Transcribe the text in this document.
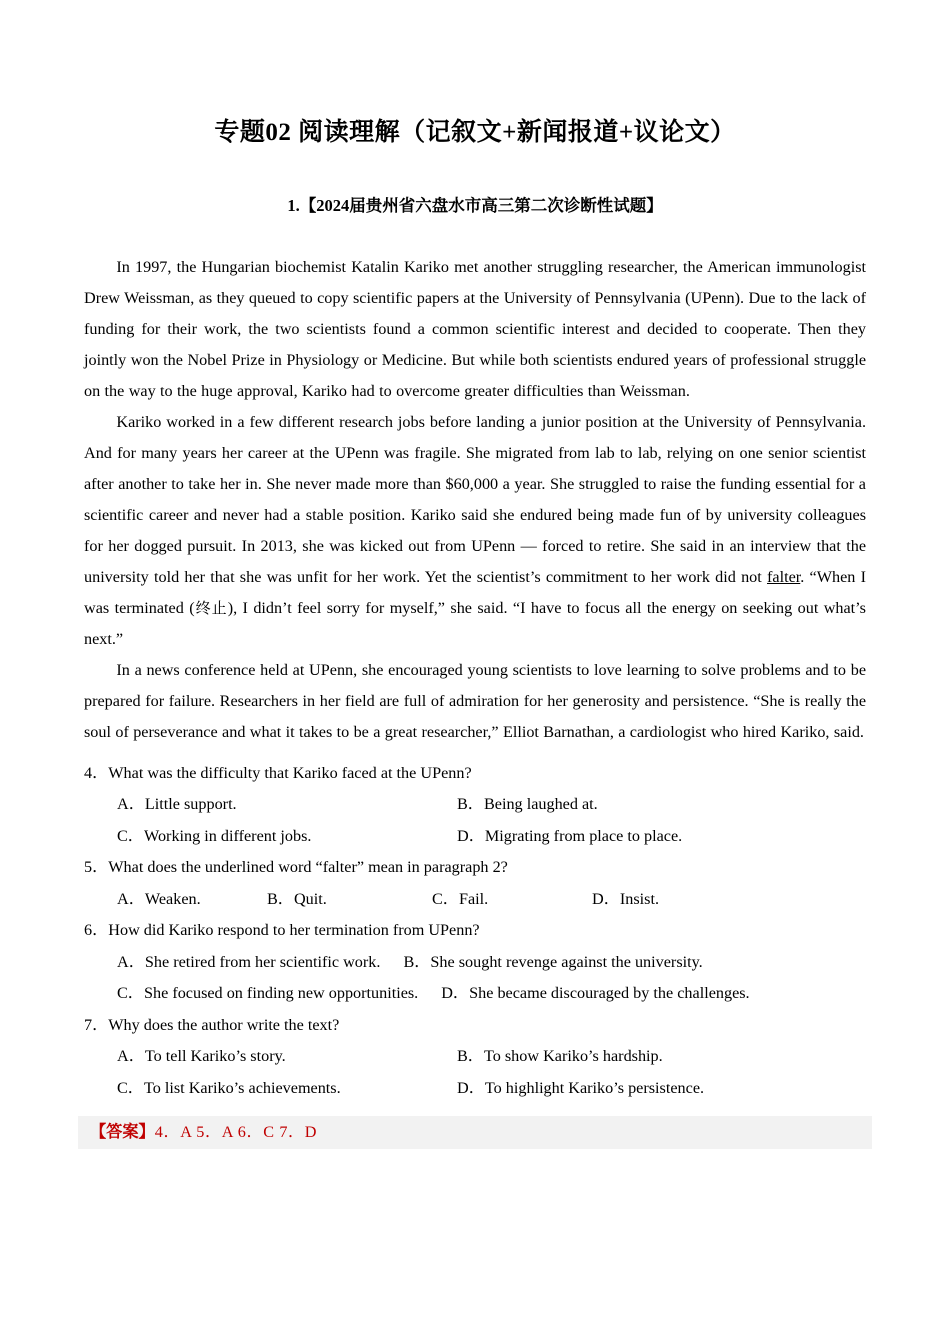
专题02 阅读理解（记叙文+新闻报道+议论文）
1.【2024届贵州省六盘水市高三第二次诊断性试题】

In 1997, the Hungarian biochemist Katalin Kariko met another struggling researcher, the American immunologist Drew Weissman, as they queued to copy scientific papers at the University of Pennsylvania (UPenn). Due to the lack of funding for their work, the two scientists found a common scientific interest and decided to cooperate. Then they jointly won the Nobel Prize in Physiology or Medicine. But while both scientists endured years of professional struggle on the way to the huge approval, Kariko had to overcome greater difficulties than Weissman.

Kariko worked in a few different research jobs before landing a junior position at the University of Pennsylvania. And for many years her career at the UPenn was fragile. She migrated from lab to lab, relying on one senior scientist after another to take her in. She never made more than $60,000 a year. She struggled to raise the funding essential for a scientific career and never had a stable position. Kariko said she endured being made fun of by university colleagues for her dogged pursuit. In 2013, she was kicked out from UPenn — forced to retire. She said in an interview that the university told her that she was unfit for her work. Yet the scientist’s commitment to her work did not falter. “When I was terminated (终止), I didn’t feel sorry for myself,” she said. “I have to focus all the energy on seeking out what’s next.”

In a news conference held at UPenn, she encouraged young scientists to love learning to solve problems and to be prepared for failure. Researchers in her field are full of admiration for her generosity and persistence. “She is really the soul of perseverance and what it takes to be a great researcher,” Elliot Barnathan, a cardiologist who hired Kariko, said.

4．What was the difficulty that Kariko faced at the UPenn?
A．Little support.	B．Being laughed at.
C．Working in different jobs.	D．Migrating from place to place.
5．What does the underlined word “falter” mean in paragraph 2?
A．Weaken.	B．Quit.	C．Fail.	D．Insist.
6．How did Kariko respond to her termination from UPenn?
A．She retired from her scientific work. B．She sought revenge against the university.
C．She focused on finding new opportunities. D．She became discouraged by the challenges.
7．Why does the author write the text?
A．To tell Kariko’s story.	B．To show Kariko’s hardship.
C．To list Kariko’s achievements.	D．To highlight Kariko’s persistence.
【答案】4．A 5．A 6．C 7．D
